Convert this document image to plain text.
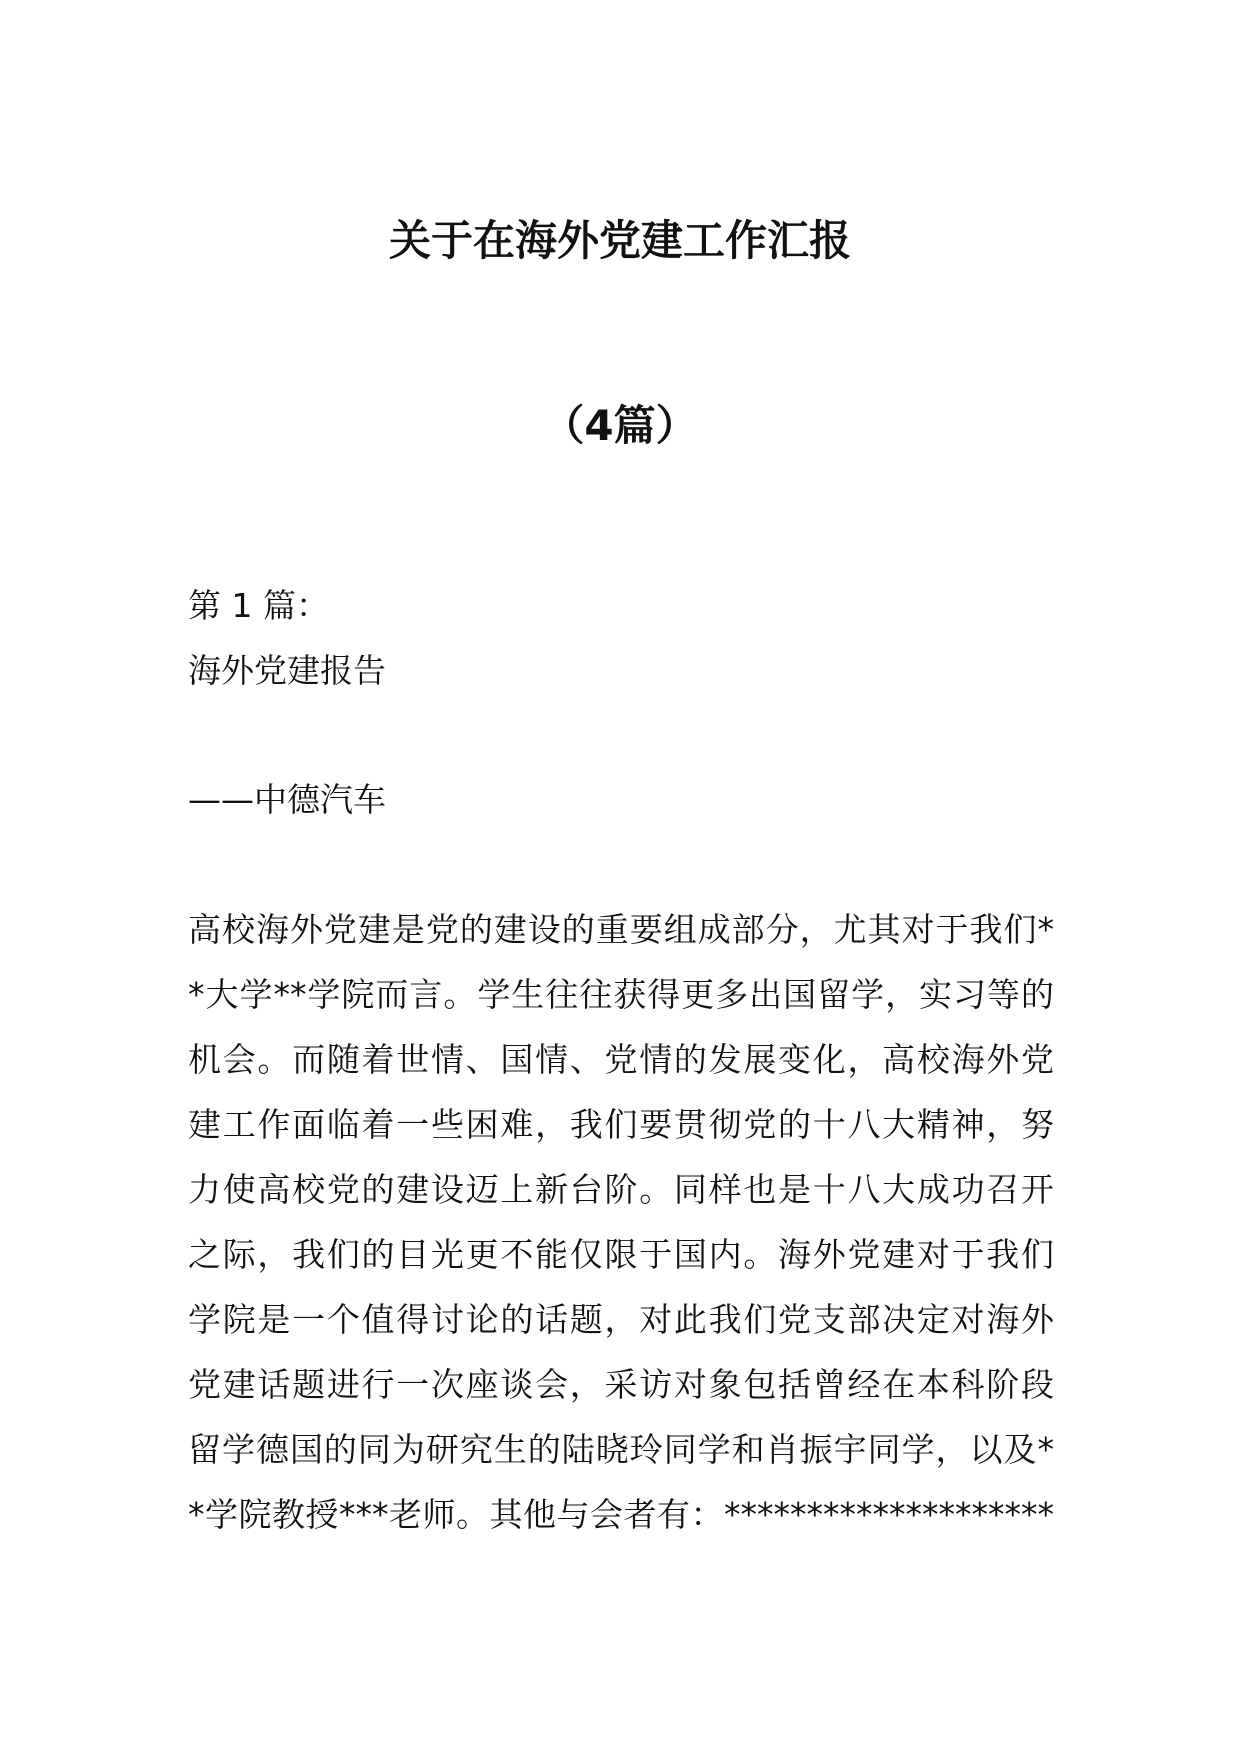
关于在海外党建工作汇报
（4篇）
第 1 篇：
海外党建报告
——中德汽车
高校海外党建是党的建设的重要组成部分，尤其对于我们*
*大学**学院而言。学生往往获得更多出国留学，实习等的
机会。而随着世情、国情、党情的发展变化，高校海外党
建工作面临着一些困难，我们要贯彻党的十八大精神，努
力使高校党的建设迈上新台阶。同样也是十八大成功召开
之际，我们的目光更不能仅限于国内。海外党建对于我们
学院是一个值得讨论的话题，对此我们党支部决定对海外
党建话题进行一次座谈会，采访对象包括曾经在本科阶段
留学德国的同为研究生的陆晓玲同学和肖振宇同学，以及*
*学院教授***老师。其他与会者有：********************
